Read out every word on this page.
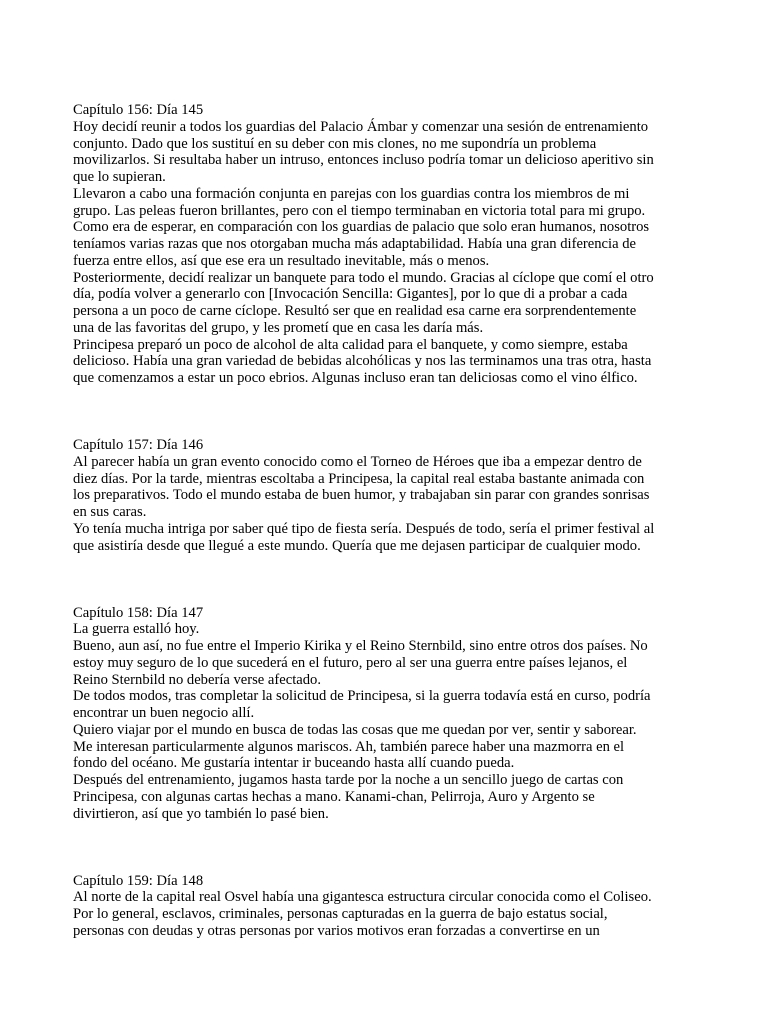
Capítulo 156: Día 145

Hoy decidí reunir a todos los guardias del Palacio Ámbar y comenzar una sesión de entrenamiento
conjunto. Dado que los sustituí en su deber con mis clones, no me supondría un problema
movilizarlos. Si resultaba haber un intruso, entonces incluso podría tomar un delicioso aperitivo sin
que lo supieran.

Llevaron a cabo una formación conjunta en parejas con los guardias contra los miembros de mi
grupo. Las peleas fueron brillantes, pero con el tiempo terminaban en victoria total para mi grupo.
Como era de esperar, en comparación con los guardias de palacio que solo eran humanos, nosotros
teníamos varias razas que nos otorgaban mucha más adaptabilidad. Había una gran diferencia de
fuerza entre ellos, así que ese era un resultado inevitable, más o menos.

Posteriormente, decidí realizar un banquete para todo el mundo. Gracias al cíclope que comí el otro
día, podía volver a generarlo con [Invocación Sencilla: Gigantes], por lo que di a probar a cada
persona a un poco de carne cíclope. Resultó ser que en realidad esa carne era sorprendentemente
una de las favoritas del grupo, y les prometí que en casa les daría más.

Principesa preparó un poco de alcohol de alta calidad para el banquete, y como siempre, estaba
delicioso. Había una gran variedad de bebidas alcohólicas y nos las terminamos una tras otra, hasta
que comenzamos a estar un poco ebrios. Algunas incluso eran tan deliciosas como el vino élfico.

Capítulo 157: Día 146

Al parecer había un gran evento conocido como el Torneo de Héroes que iba a empezar dentro de
diez días. Por la tarde, mientras escoltaba a Principesa, la capital real estaba bastante animada con
los preparativos. Todo el mundo estaba de buen humor, y trabajaban sin parar con grandes sonrisas
en sus caras.

Yo tenía mucha intriga por saber qué tipo de fiesta sería. Después de todo, sería el primer festival al
que asistiría desde que llegué a este mundo. Quería que me dejasen participar de cualquier modo.

Capítulo 158: Día 147

La guerra estalló hoy.

Bueno, aun así, no fue entre el Imperio Kirika y el Reino Sternbild, sino entre otros dos países. No
estoy muy seguro de lo que sucederá en el futuro, pero al ser una guerra entre países lejanos, el
Reino Sternbild no debería verse afectado.

De todos modos, tras completar la solicitud de Principesa, si la guerra todavía está en curso, podría
encontrar un buen negocio allí.

Quiero viajar por el mundo en busca de todas las cosas que me quedan por ver, sentir y saborear.
Me interesan particularmente algunos mariscos. Ah, también parece haber una mazmorra en el
fondo del océano. Me gustaría intentar ir buceando hasta allí cuando pueda.

Después del entrenamiento, jugamos hasta tarde por la noche a un sencillo juego de cartas con
Principesa, con algunas cartas hechas a mano. Kanami-chan, Pelirroja, Auro y Argento se
divirtieron, así que yo también lo pasé bien.

Capítulo 159: Día 148

Al norte de la capital real Osvel había una gigantesca estructura circular conocida como el Coliseo.
Por lo general, esclavos, criminales, personas capturadas en la guerra de bajo estatus social,
personas con deudas y otras personas por varios motivos eran forzadas a convertirse en un
